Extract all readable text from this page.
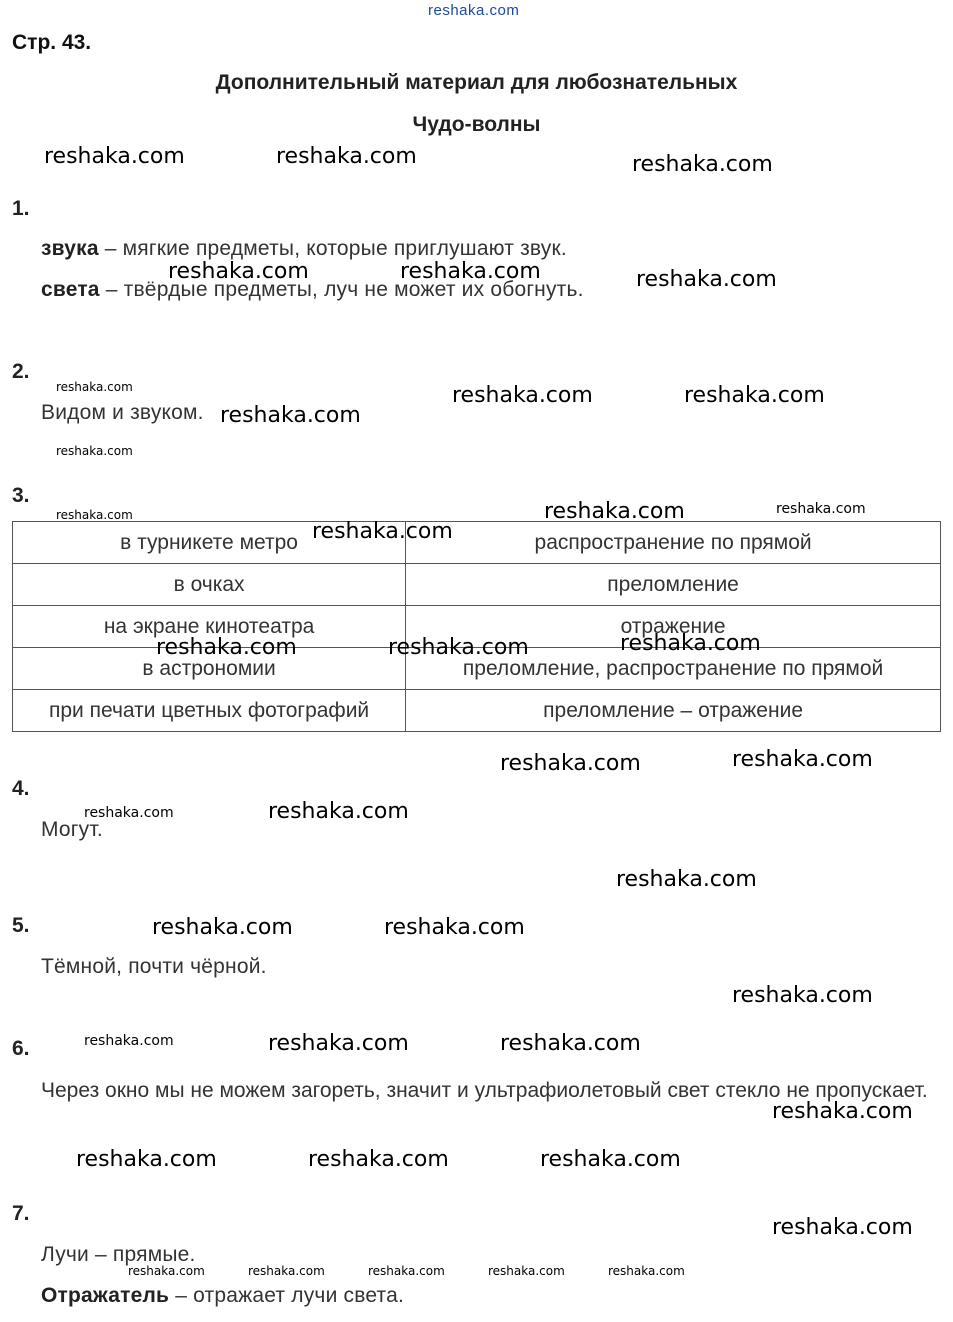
reshaka.com
Стр. 43.
Дополнительный материал для любознательных
Чудо-волны
1.
звука – мягкие предметы, которые приглушают звук.
света – твёрдые предметы, луч не может их обогнуть.
2.
Видом и звуком.
3.
в турникете метро	распространение по прямой
в очках	преломление
на экране кинотеатра	отражение
в астрономии	преломление, распространение по прямой
при печати цветных фотографий	преломление – отражение
4.
Могут.
5.
Тёмной, почти чёрной.
6.
Через окно мы не можем загореть, значит и ультрафиолетовый свет стекло не пропускает.
7.
Лучи – прямые.
Отражатель – отражает лучи света.
reshaka.com	reshaka.com	reshaka.com
reshaka.com	reshaka.com	reshaka.com
reshaka.com	reshaka.com
reshaka.com
reshaka.com
reshaka.com
reshaka.com	reshaka.com	reshaka.com
reshaka.com	reshaka.com
reshaka.com
reshaka.com
reshaka.com	reshaka.com
reshaka.com
reshaka.com	reshaka.com
reshaka.com
reshaka.com	reshaka.com	reshaka.com
reshaka.com
reshaka.com
reshaka.com
reshaka.com	reshaka.com
reshaka.com
reshaka.com
reshaka.com	reshaka.com	reshaka.com	reshaka.com	reshaka.com
